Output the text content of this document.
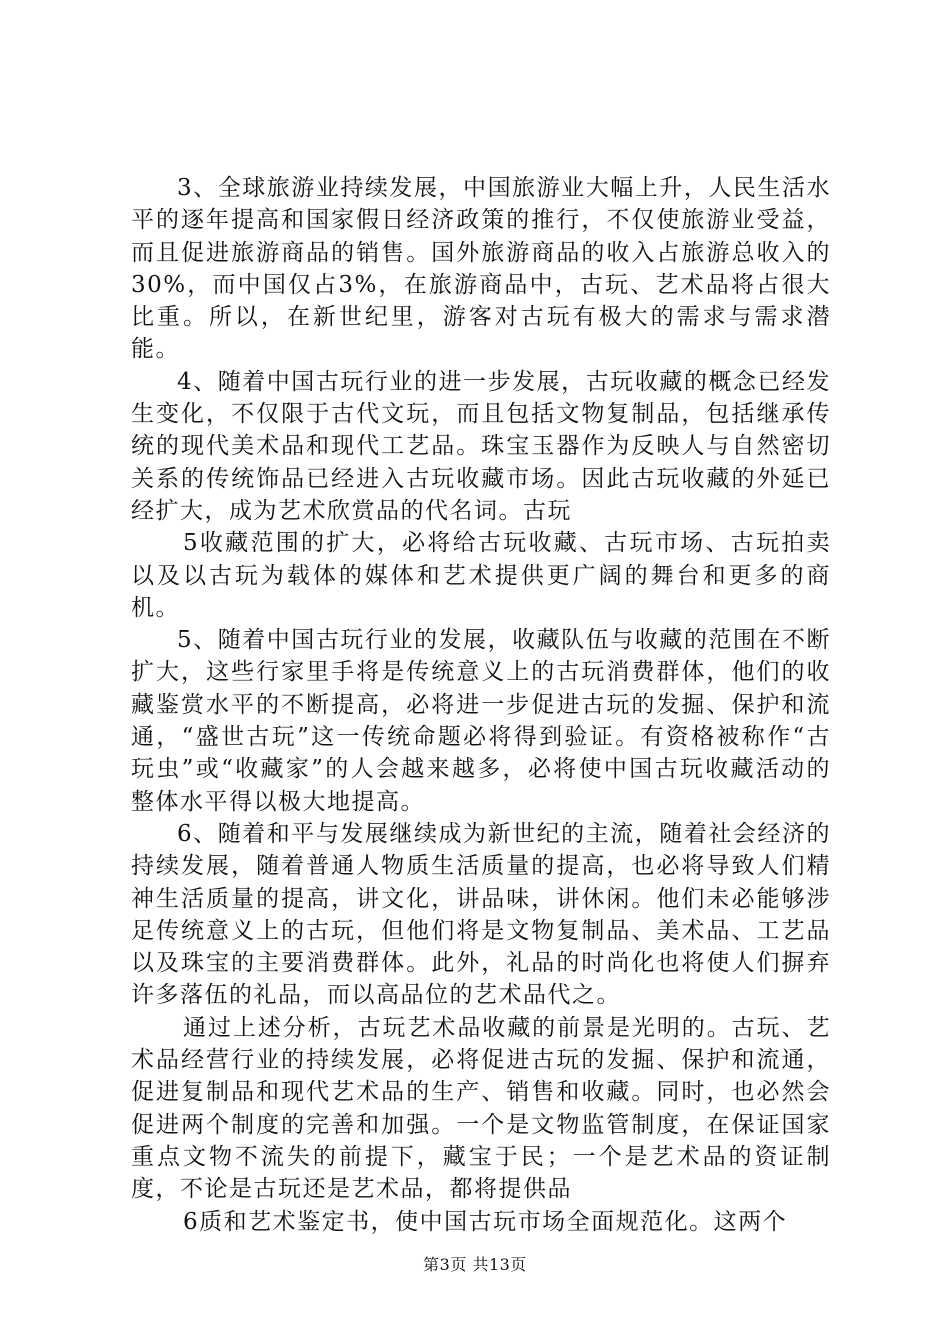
3、全球旅游业持续发展，中国旅游业大幅上升，人民生活水平的逐年提高和国家假日经济政策的推行，不仅使旅游业受益，而且促进旅游商品的销售。国外旅游商品的收入占旅游总收入的30%，而中国仅占3%，在旅游商品中，古玩、艺术品将占很大比重。所以，在新世纪里，游客对古玩有极大的需求与需求潜能。

4、随着中国古玩行业的进一步发展，古玩收藏的概念已经发生变化，不仅限于古代文玩，而且包括文物复制品，包括继承传统的现代美术品和现代工艺品。珠宝玉器作为反映人与自然密切关系的传统饰品已经进入古玩收藏市场。因此古玩收藏的外延已经扩大，成为艺术欣赏品的代名词。古玩

5收藏范围的扩大，必将给古玩收藏、古玩市场、古玩拍卖以及以古玩为载体的媒体和艺术提供更广阔的舞台和更多的商机。

5、随着中国古玩行业的发展，收藏队伍与收藏的范围在不断扩大，这些行家里手将是传统意义上的古玩消费群体，他们的收藏鉴赏水平的不断提高，必将进一步促进古玩的发掘、保护和流通，“盛世古玩”这一传统命题必将得到验证。有资格被称作“古玩虫”或“收藏家”的人会越来越多，必将使中国古玩收藏活动的整体水平得以极大地提高。

6、随着和平与发展继续成为新世纪的主流，随着社会经济的持续发展，随着普通人物质生活质量的提高，也必将导致人们精神生活质量的提高，讲文化，讲品味，讲休闲。他们未必能够涉足传统意义上的古玩，但他们将是文物复制品、美术品、工艺品以及珠宝的主要消费群体。此外，礼品的时尚化也将使人们摒弃许多落伍的礼品，而以高品位的艺术品代之。

通过上述分析，古玩艺术品收藏的前景是光明的。古玩、艺术品经营行业的持续发展，必将促进古玩的发掘、保护和流通，促进复制品和现代艺术品的生产、销售和收藏。同时，也必然会促进两个制度的完善和加强。一个是文物监管制度，在保证国家重点文物不流失的前提下，藏宝于民；一个是艺术品的资证制度，不论是古玩还是艺术品，都将提供品

6质和艺术鉴定书，使中国古玩市场全面规范化。这两个

第3页 共13页
